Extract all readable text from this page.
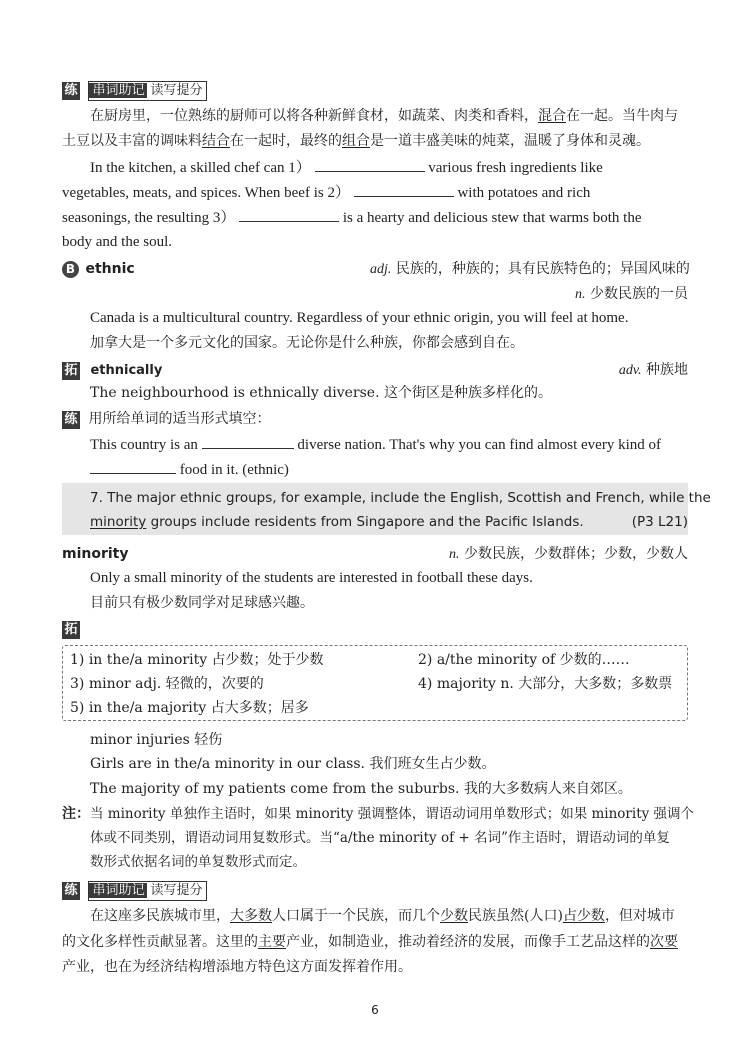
练 串词助记 读写提分
在厨房里，一位熟练的厨师可以将各种新鲜食材，如蔬菜、肉类和香料，混合在一起。当牛肉与
土豆以及丰富的调味料结合在一起时，最终的组合是一道丰盛美味的炖菜，温暖了身体和灵魂。
In the kitchen, a skilled chef can 1）	various fresh ingredients like
vegetables, meats, and spices. When beef is 2）	with potatoes and rich
seasonings, the resulting 3）	is a hearty and delicious stew that warms both the
body and the soul.
B ethnic	adj. 民族的，种族的；具有民族特色的；异国风味的
n. 少数民族的一员
Canada is a multicultural country. Regardless of your ethnic origin, you will feel at home.
加拿大是一个多元文化的国家。无论你是什么种族，你都会感到自在。
拓 ethnically	adv. 种族地
The neighbourhood is ethnically diverse. 这个街区是种族多样化的。
练 用所给单词的适当形式填空：
This country is an	diverse nation. That's why you can find almost every kind of
food in it. (ethnic)
7. The major ethnic groups, for example, include the English, Scottish and French, while the
minority groups include residents from Singapore and the Pacific Islands.	(P3 L21)
minority	n. 少数民族，少数群体；少数，少数人
Only a small minority of the students are interested in football these days.
目前只有极少数同学对足球感兴趣。
拓
1) in the/a minority 占少数；处于少数	2) a/the minority of 少数的……
3) minor adj. 轻微的，次要的	4) majority n. 大部分，大多数；多数票
5) in the/a majority 占大多数；居多
minor injuries 轻伤
Girls are in the/a minority in our class. 我们班女生占少数。
The majority of my patients come from the suburbs. 我的大多数病人来自郊区。
注： 当 minority 单独作主语时，如果 minority 强调整体，谓语动词用单数形式；如果 minority 强调个
体或不同类别，谓语动词用复数形式。当“a/the minority of + 名词”作主语时，谓语动词的单复
数形式依据名词的单复数形式而定。
练 串词助记 读写提分
在这座多民族城市里，大多数人口属于一个民族，而几个少数民族虽然(人口)占少数，但对城市
的文化多样性贡献显著。这里的主要产业，如制造业，推动着经济的发展，而像手工艺品这样的次要
产业，也在为经济结构增添地方特色这方面发挥着作用。
6
